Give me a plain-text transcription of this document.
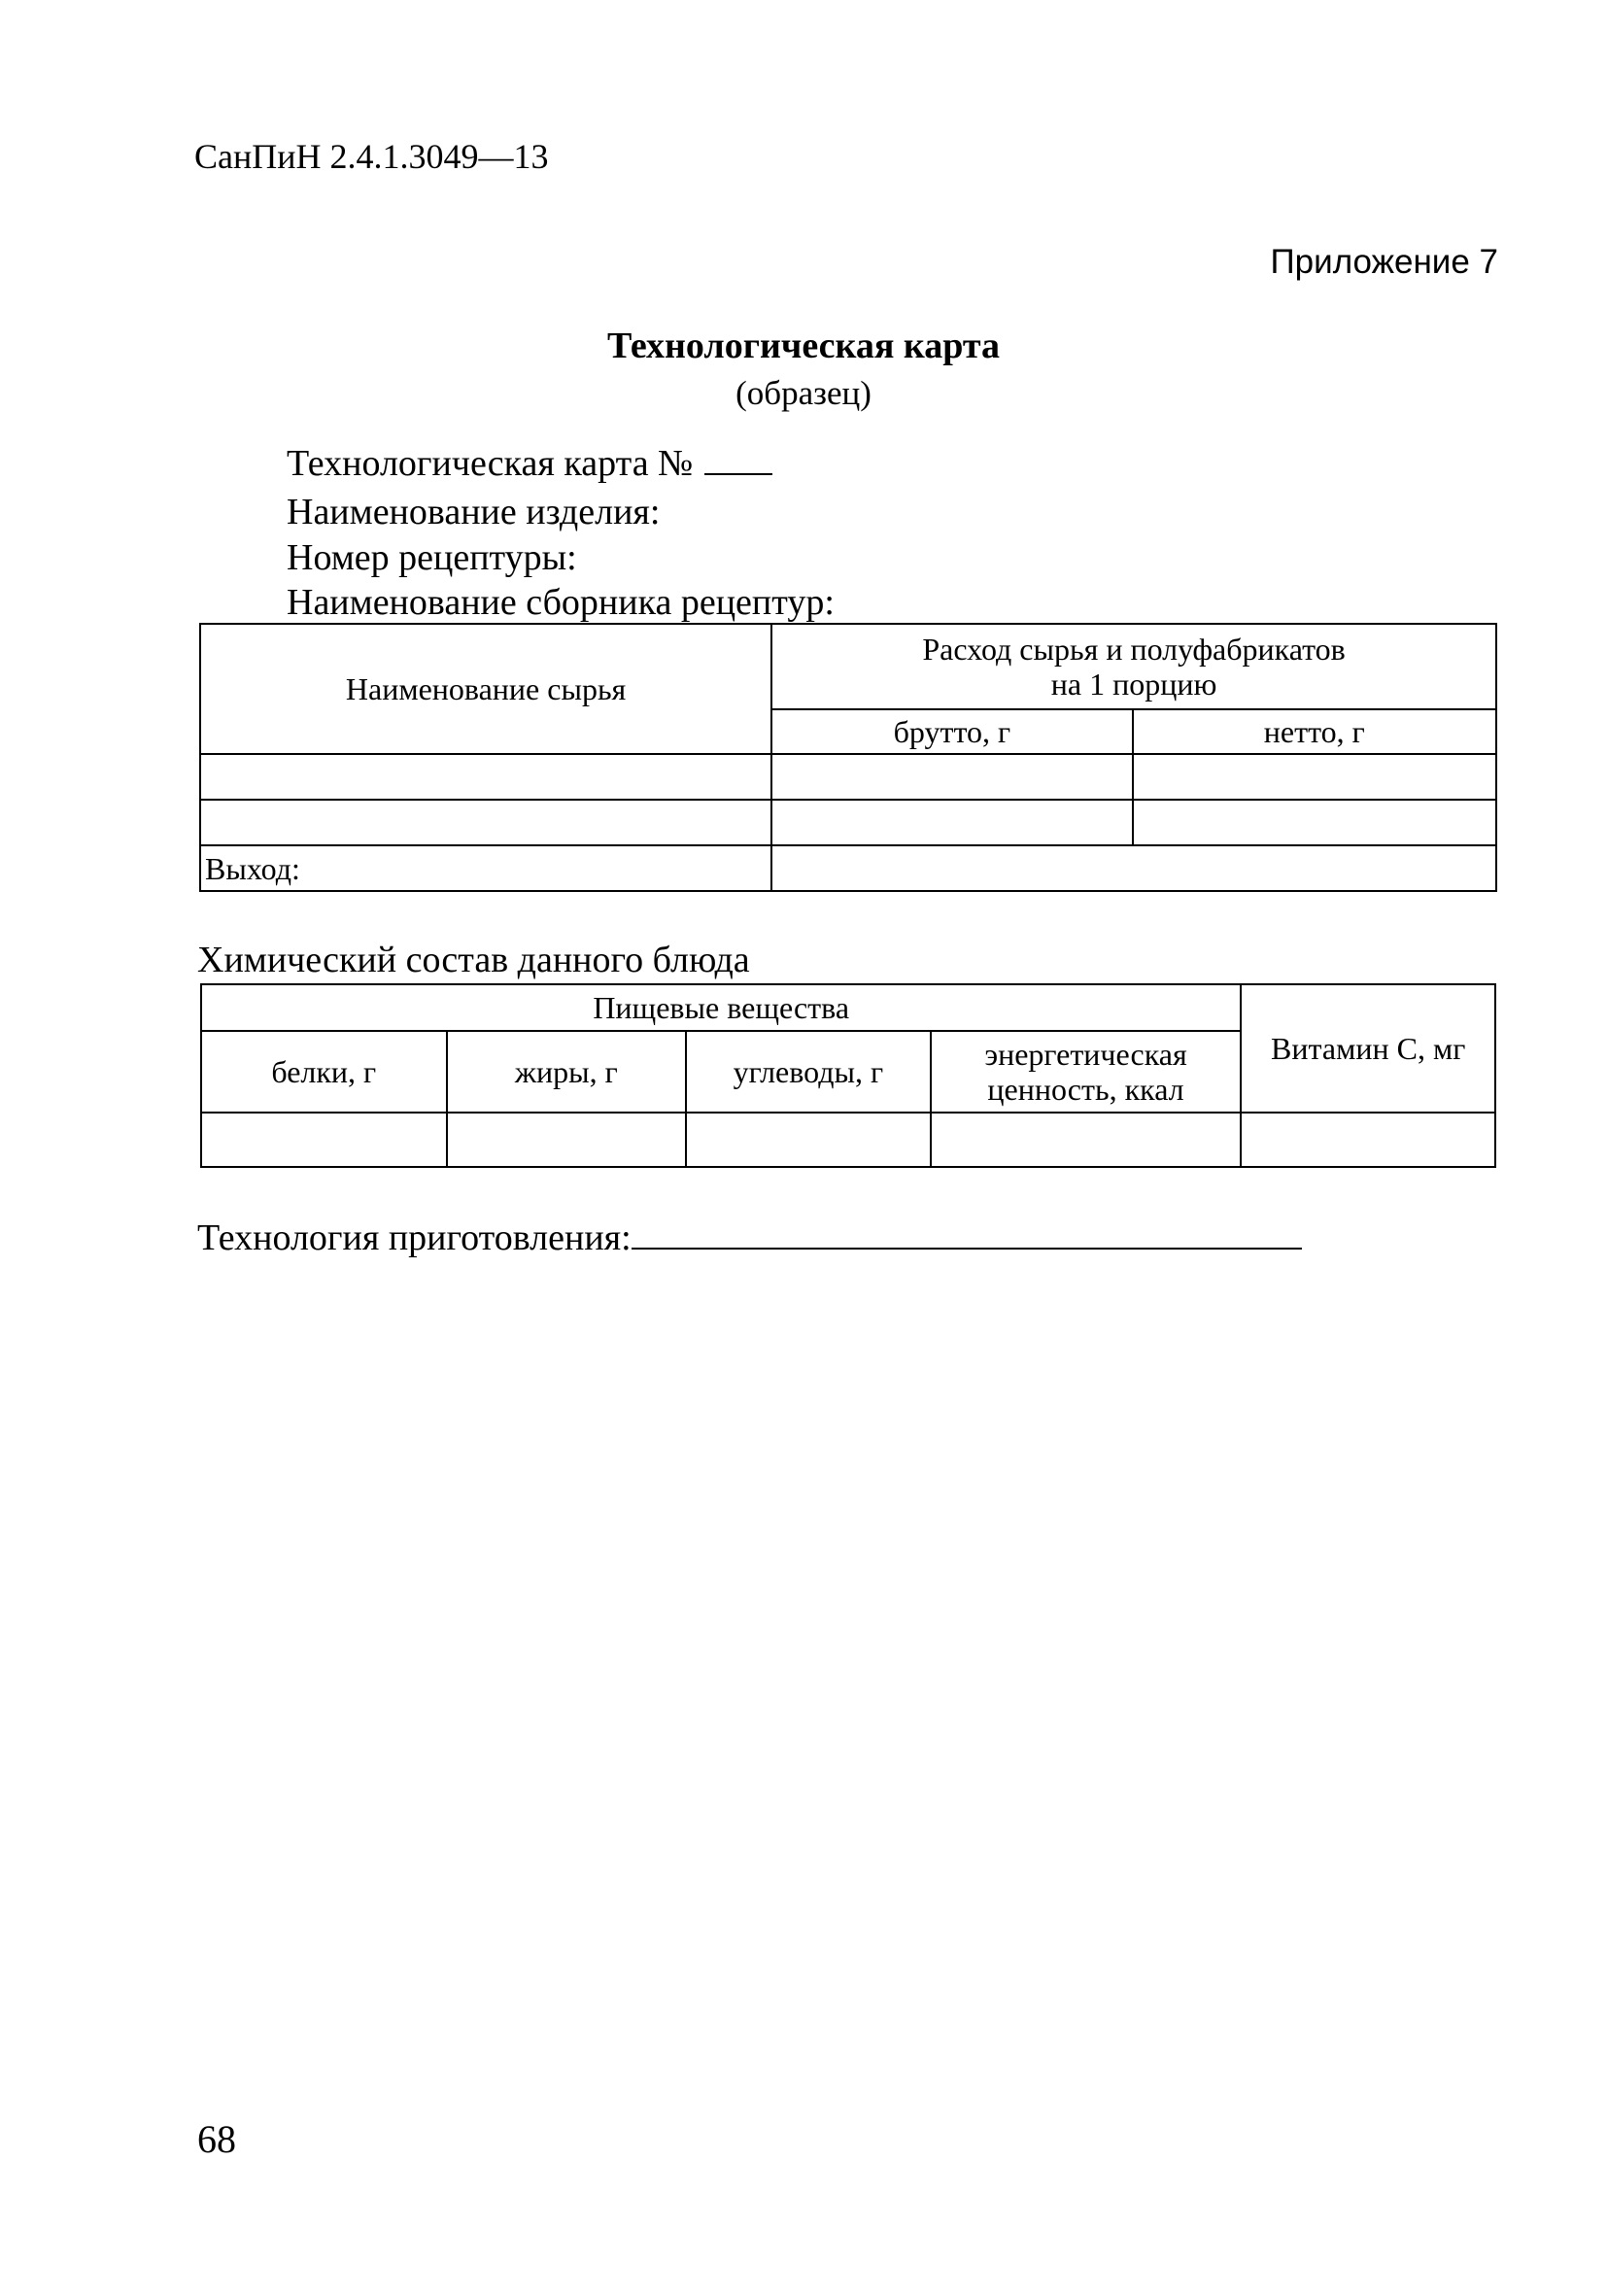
СанПиН 2.4.1.3049—13
Приложение 7
Технологическая карта
(образец)
Технологическая карта №
Наименование изделия:
Номер рецептуры:
Наименование сборника рецептур:
Наименование сырья	Расход сырья и полуфабрикатов
на 1 порцию	

	брутто, г	нетто, г

Выход:		
Химический состав данного блюда
Пищевые вещества				Витамин С, мг
белки, г	жиры, г	углеводы, г	энергетическая
ценность, ккал	

Технология приготовления:
68
